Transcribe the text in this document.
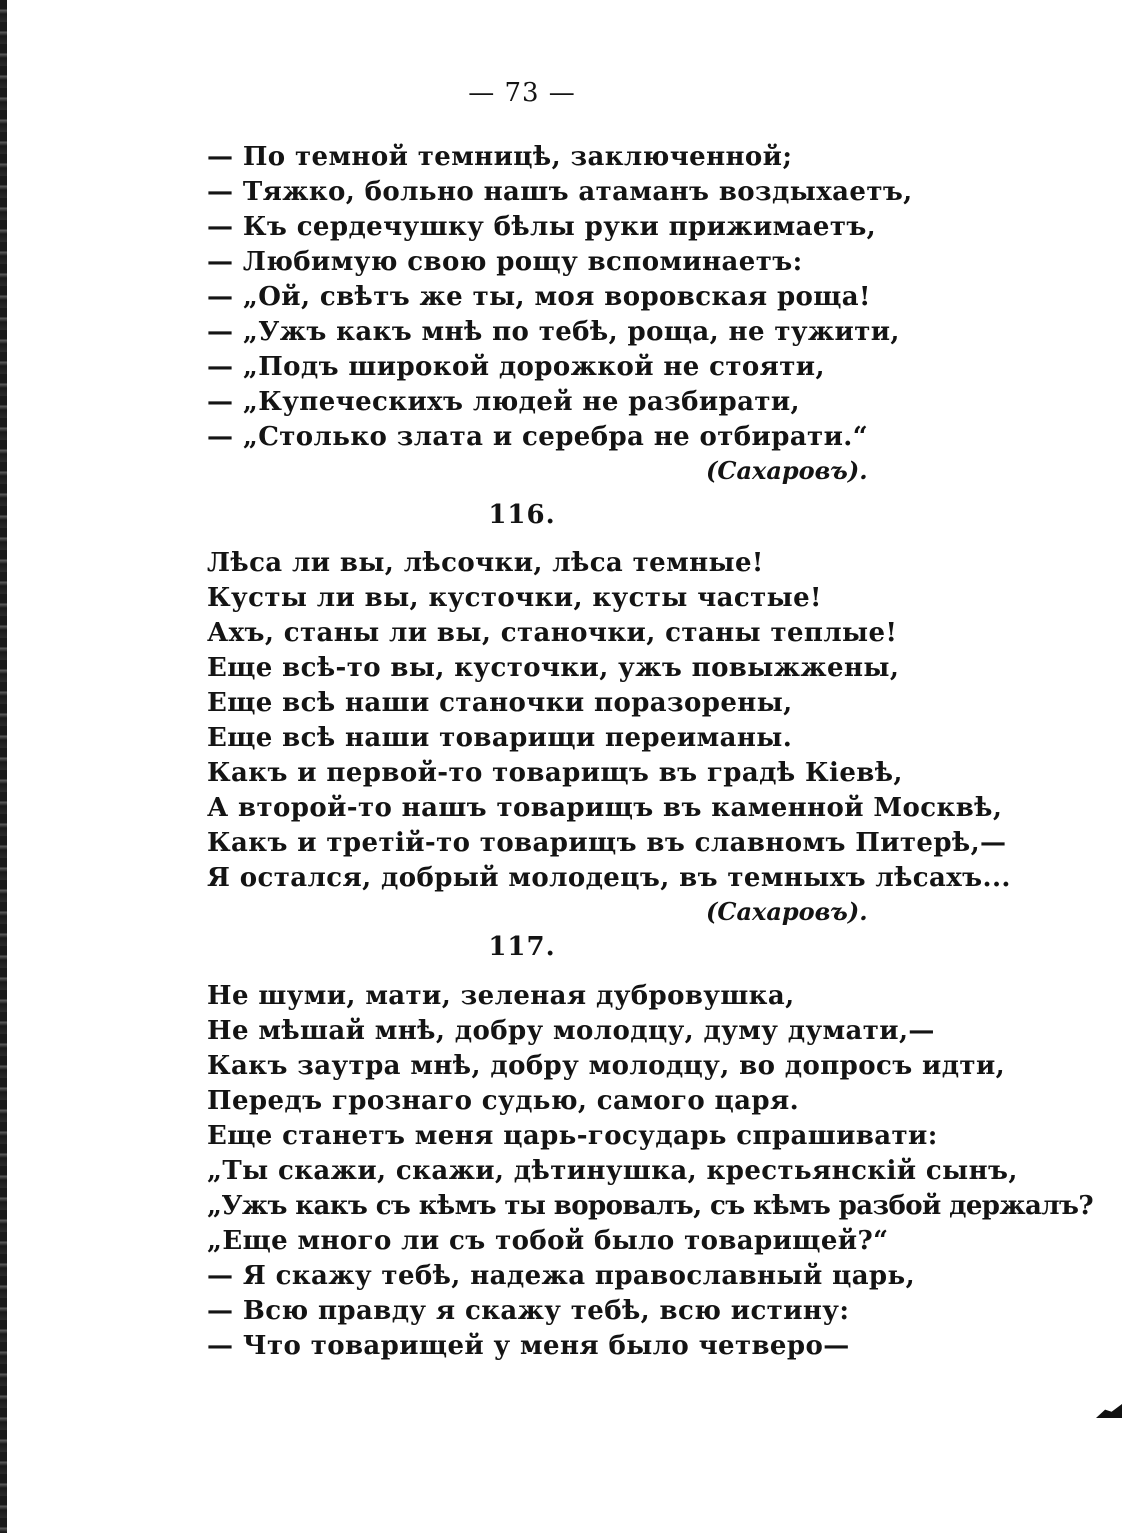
— 73 —
— По темной темницѣ, заключенной;
— Тяжко, больно нашъ атаманъ воздыхаетъ,
— Къ сердечушку бѣлы руки прижимаетъ,
— Любимую свою рощу вспоминаетъ:
— „Ой, свѣтъ же ты, моя воровская роща!
— „Ужъ какъ мнѣ по тебѣ, роща, не тужити,
— „Подъ широкой дорожкой не стояти,
— „Купеческихъ людей не разбирати,
— „Столько злата и серебра не отбирати.“
(Сахаровъ).
116.
Лѣса ли вы, лѣсочки, лѣса темные!
Кусты ли вы, кусточки, кусты частые!
Ахъ, станы ли вы, станочки, станы теплые!
Еще всѣ-то вы, кусточки, ужъ повыжжены,
Еще всѣ наши станочки поразорены,
Еще всѣ наши товарищи переиманы.
Какъ и первой-то товарищъ въ градѣ Кіевѣ,
А второй-то нашъ товарищъ въ каменной Москвѣ,
Какъ и третій-то товарищъ въ славномъ Питерѣ,—
Я остался, добрый молодецъ, въ темныхъ лѣсахъ...
(Сахаровъ).
117.
Не шуми, мати, зеленая дубровушка,
Не мѣшай мнѣ, добру молодцу, думу думати,—
Какъ заутра мнѣ, добру молодцу, во допросъ идти,
Передъ грознаго судью, самого царя.
Еще станетъ меня царь-государь спрашивати:
„Ты скажи, скажи, дѣтинушка, крестьянскій сынъ,
„Ужъ какъ съ кѣмъ ты воровалъ, съ кѣмъ разбой держалъ?
„Еще много ли съ тобой было товарищей?“
— Я скажу тебѣ, надежа православный царь,
— Всю правду я скажу тебѣ, всю истину:
— Что товарищей у меня было четверо—
